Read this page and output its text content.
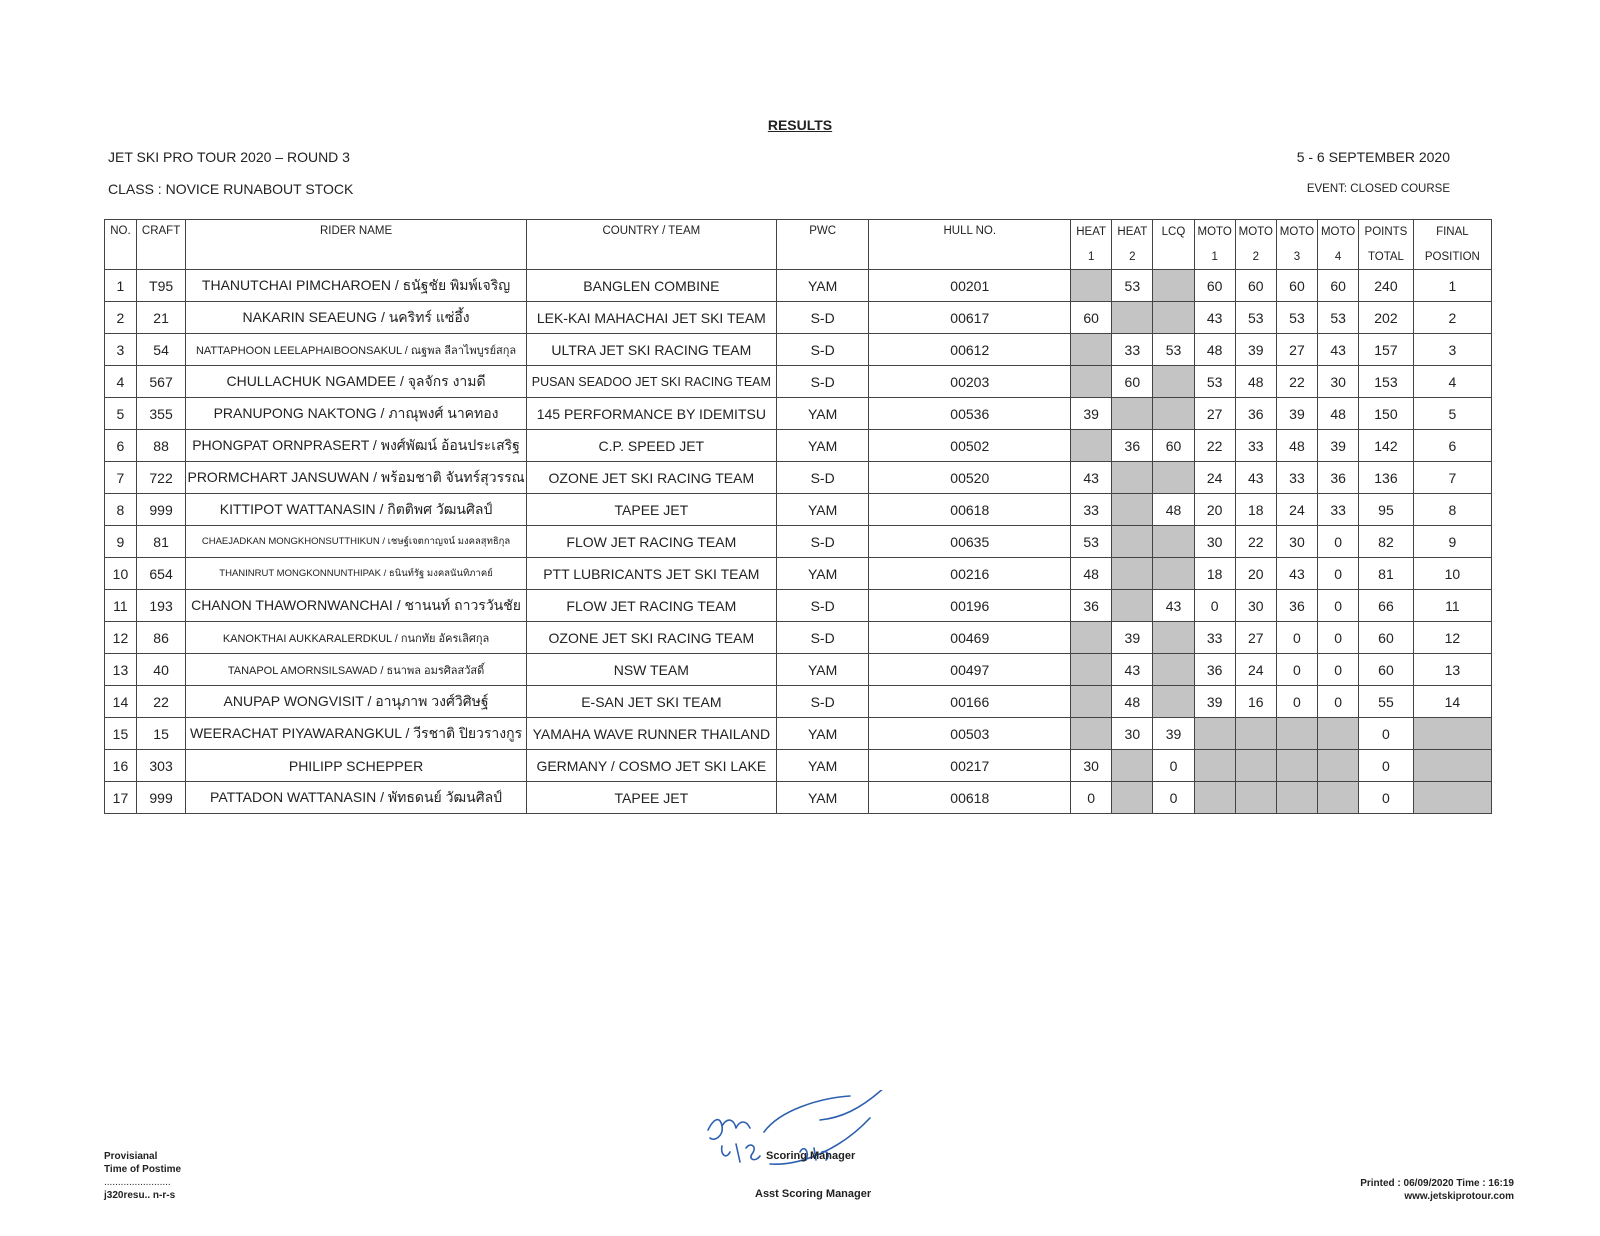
RESULTS
JET SKI PRO TOUR 2020 – ROUND 3	5 - 6 SEPTEMBER 2020
CLASS : NOVICE RUNABOUT STOCK	EVENT: CLOSED COURSE
NO.	CRAFT	RIDER NAME	COUNTRY / TEAM	PWC	HULL NO.	HEAT	HEAT	LCQ	MOTO	MOTO	MOTO	MOTO	POINTS	FINAL
						1	2		1	2	3	4	TOTAL	POSITION
1	T95	THANUTCHAI PIMCHAROEN / ธนัฐชัย พิมพ์เจริญ	BANGLEN COMBINE	YAM	00201		53		60	60	60	60	240	1
2	21	NAKARIN SEAEUNG / นคริทร์ แซ่อึ้ง	LEK-KAI MAHACHAI JET SKI TEAM	S-D	00617	60			43	53	53	53	202	2
3	54	NATTAPHOON LEELAPHAIBOONSAKUL / ณฐพล ลีลาไพบูรย์สกุล	ULTRA JET SKI RACING TEAM	S-D	00612		33	53	48	39	27	43	157	3
4	567	CHULLACHUK NGAMDEE / จุลจักร งามดี	PUSAN SEADOO JET SKI RACING TEAM	S-D	00203		60		53	48	22	30	153	4
5	355	PRANUPONG NAKTONG / ภาณุพงศ์ นาคทอง	145 PERFORMANCE BY IDEMITSU	YAM	00536	39			27	36	39	48	150	5
6	88	PHONGPAT ORNPRASERT / พงศ์พัฒน์ อ้อนประเสริฐ	C.P. SPEED JET	YAM	00502		36	60	22	33	48	39	142	6
7	722	PRORMCHART JANSUWAN / พร้อมชาติ จันทร์สุวรรณ	OZONE JET SKI RACING TEAM	S-D	00520	43			24	43	33	36	136	7
8	999	KITTIPOT WATTANASIN / กิตติพศ วัฒนศิลป์	TAPEE JET	YAM	00618	33		48	20	18	24	33	95	8
9	81	CHAEJADKAN MONGKHONSUTTHIKUN / เชษฐ์เจตกาญจน์ มงคลสุทธิกุล	FLOW JET RACING TEAM	S-D	00635	53			30	22	30	0	82	9
10	654	THANINRUT MONGKONNUNTHIPAK / ธนินท์รัฐ มงคลนันทิภาคย์	PTT LUBRICANTS JET SKI TEAM	YAM	00216	48			18	20	43	0	81	10
11	193	CHANON THAWORNWANCHAI / ชานนท์ ถาวรวันชัย	FLOW JET RACING TEAM	S-D	00196	36		43	0	30	36	0	66	11
12	86	KANOKTHAI AUKKARALERDKUL / กนกทัย อัครเลิศกุล	OZONE JET SKI RACING TEAM	S-D	00469		39		33	27	0	0	60	12
13	40	TANAPOL AMORNSILSAWAD / ธนาพล อมรศิลสวัสดิ์	NSW TEAM	YAM	00497		43		36	24	0	0	60	13
14	22	ANUPAP WONGVISIT / อานุภาพ วงศ์วิศิษฐ์	E-SAN JET SKI TEAM	S-D	00166		48		39	16	0	0	55	14
15	15	WEERACHAT PIYAWARANGKUL / วีรชาติ ปิยวรางกูร	YAMAHA WAVE RUNNER THAILAND	YAM	00503		30	39					0	
16	303	PHILIPP SCHEPPER	GERMANY / COSMO JET SKI LAKE	YAM	00217	30		0					0	
17	999	PATTADON WATTANASIN / พัทธดนย์ วัฒนศิลป์	TAPEE JET	YAM	00618	0		0					0	
Provisianal
Time of Postime
........................
j320resu.. n-r-s
Scoring Manager
Asst Scoring Manager
Printed : 06/09/2020 Time : 16:19
www.jetskiprotour.com
